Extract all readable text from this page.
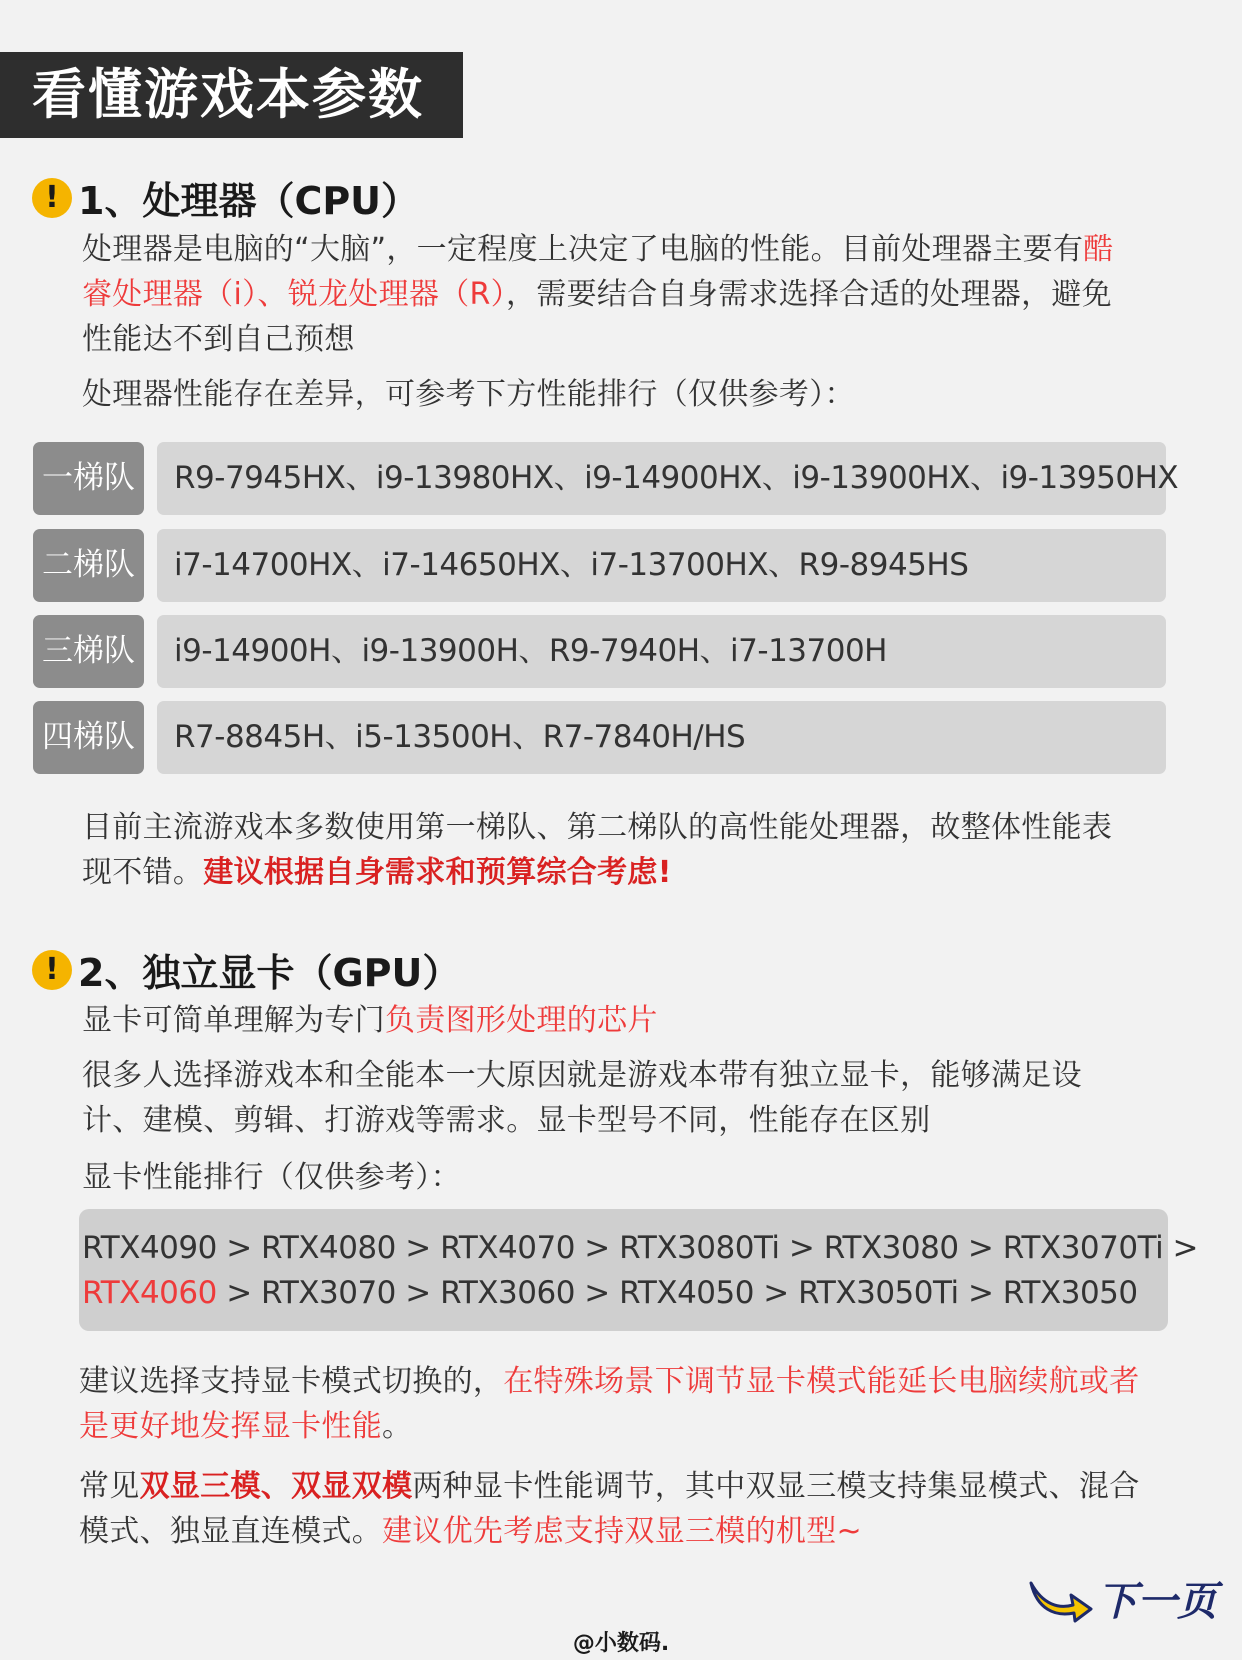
看懂游戏本参数
! 1、处理器（CPU）
处理器是电脑的“大脑”，一定程度上决定了电脑的性能。目前处理器主要有酷睿处理器（i）、锐龙处理器（R），需要结合自身需求选择合适的处理器，避免性能达不到自己预想
处理器性能存在差异，可参考下方性能排行（仅供参考）：
一梯队	R9-7945HX、i9-13980HX、i9-14900HX、i9-13900HX、i9-13950HX
二梯队	i7-14700HX、i7-14650HX、i7-13700HX、R9-8945HS
三梯队	i9-14900H、i9-13900H、R9-7940H、i7-13700H
四梯队	R7-8845H、i5-13500H、R7-7840H/HS
目前主流游戏本多数使用第一梯队、第二梯队的高性能处理器，故整体性能表现不错。建议根据自身需求和预算综合考虑!
! 2、独立显卡（GPU）
显卡可简单理解为专门负责图形处理的芯片
很多人选择游戏本和全能本一大原因就是游戏本带有独立显卡，能够满足设计、建模、剪辑、打游戏等需求。显卡型号不同，性能存在区别
显卡性能排行（仅供参考）：
RTX4090 > RTX4080 > RTX4070 > RTX3080Ti > RTX3080 > RTX3070Ti >
RTX4060 > RTX3070 > RTX3060 > RTX4050 > RTX3050Ti > RTX3050
建议选择支持显卡模式切换的，在特殊场景下调节显卡模式能延长电脑续航或者是更好地发挥显卡性能。
常见双显三模、双显双模两种显卡性能调节，其中双显三模支持集显模式、混合模式、独显直连模式。建议优先考虑支持双显三模的机型~
下一页
@小数码.
